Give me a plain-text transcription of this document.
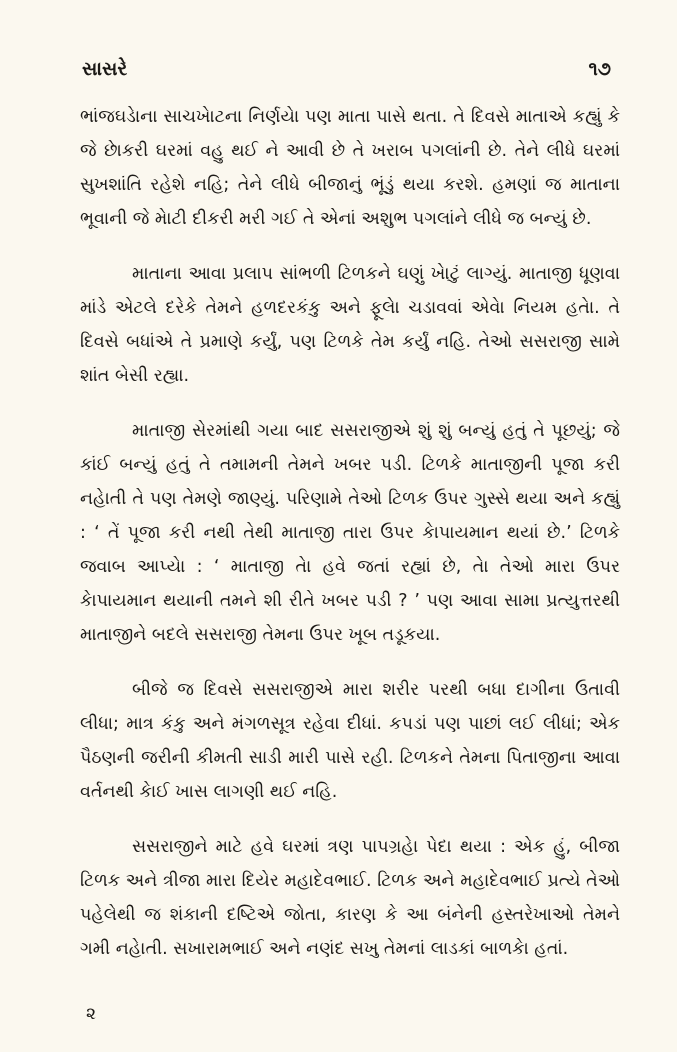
સાસરે	૧૭

ભાંજઘડેાના સાચખેાટના નિર્ણયેા પણ માતા પાસે થતા. તે દિવસે માતાએ કહ્યું કે જે છેાકરી ઘરમાં વહુ થઈ ને આવી છે તે ખરાબ પગલાંની છે. તેને લીધે ઘરમાં સુખશાંતિ રહેશે નહિ; તેને લીધે બીજાનું ભૂંડું થયા કરશે. હમણાં જ માતાના ભૂવાની જે મેાટી દીકરી મરી ગઈ તે એનાં અશુભ પગલાંને લીધે જ બન્યું છે.

માતાના આવા પ્રલાપ સાંભળી ટિળકને ઘણું ખેાટું લાગ્યું. માતાજી ધૂણવા માંડે એટલે દરેકે તેમને હળદરકંકુ અને ફૂલેા ચડાવવાં એવેા નિયમ હતેા. તે દિવસે બધાંએ તે પ્રમાણે કર્યું, પણ ટિળકે તેમ કર્યું નહિ. તેઓ સસરાજી સામે શાંત બેસી રહ્યા.

માતાજી સેરમાંથી ગયા બાદ સસરાજીએ શું શું બન્યું હતું તે પૂછયું; જે કાંઈ બન્યું હતું તે તમામની તેમને ખબર પડી. ટિળકે માતાજીની પૂજા કરી નહેાતી તે પણ તેમણે જાણ્યું. પરિણામે તેઓ ટિળક ઉપર ગુસ્સે થયા અને કહ્યું : ‘ તેં પૂજા કરી નથી તેથી માતાજી તારા ઉપર કેાપાયમાન થયાં છે.’ ટિળકે જવાબ આપ્યેા : ‘ માતાજી તેા હવે જતાં રહ્યાં છે, તેા તેઓ મારા ઉપર કેાપાયમાન થયાની તમને શી રીતે ખબર પડી ? ’ પણ આવા સામા પ્રત્યુત્તરથી માતાજીને બદલે સસરાજી તેમના ઉપર ખૂબ તડૂકયા.

બીજે જ દિવસે સસરાજીએ મારા શરીર પરથી બધા દાગીના ઉતાવી લીધા; માત્ર કંકુ અને મંગળસૂત્ર રહેવા દીધાં. કપડાં પણ પાછાં લઈ લીધાં; એક પૈઠણની જરીની કીમતી સાડી મારી પાસે રહી. ટિળકને તેમના પિતાજીના આવા વર્તનથી કેાઈ ખાસ લાગણી થઈ નહિ.

સસરાજીને માટે હવે ઘરમાં ત્રણ પાપગ્રહેા પેદા થયા : એક હું, બીજા ટિળક અને ત્રીજા મારા દિયેર મહાદેવભાઈ. ટિળક અને મહાદેવભાઈ પ્રત્યે તેઓ પહેલેથી જ શંકાની દષ્ટિએ જોતા, કારણ કે આ બંનેની હસ્તરેખાઓ તેમને ગમી નહેાતી. સખારામભાઈ અને નણંદ સખુ તેમનાં લાડકાં બાળકેા હતાં.

૨
